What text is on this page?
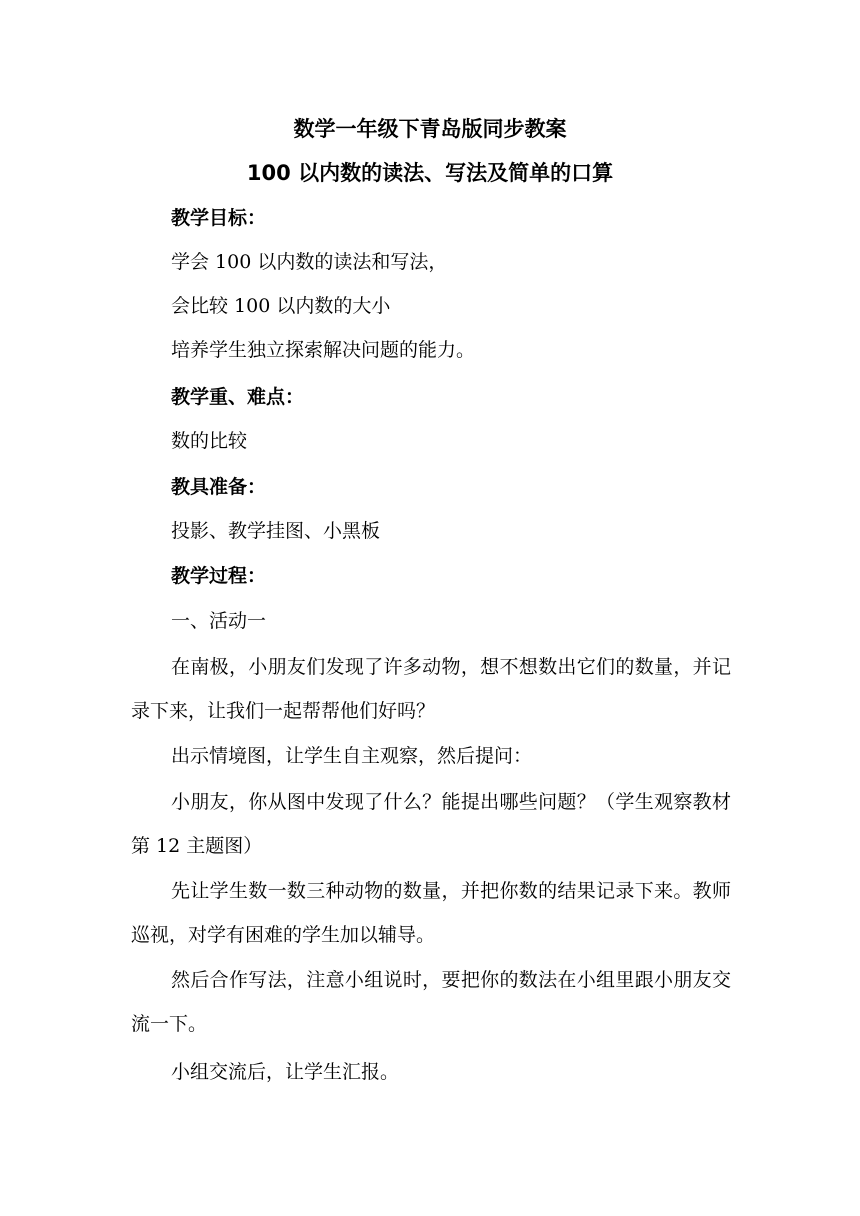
数学一年级下青岛版同步教案
100 以内数的读法、写法及简单的口算

教学目标：

学会 100 以内数的读法和写法，

会比较 100 以内数的大小

培养学生独立探索解决问题的能力。

教学重、难点：

数的比较

教具准备：

投影、教学挂图、小黑板

教学过程：

一、活动一

在南极，小朋友们发现了许多动物，想不想数出它们的数量，并记录下来，让我们一起帮帮他们好吗？

出示情境图，让学生自主观察，然后提问：

小朋友，你从图中发现了什么？能提出哪些问题？（学生观察教材第 12 主题图）

先让学生数一数三种动物的数量，并把你数的结果记录下来。教师巡视，对学有困难的学生加以辅导。

然后合作写法，注意小组说时，要把你的数法在小组里跟小朋友交流一下。

小组交流后，让学生汇报。
